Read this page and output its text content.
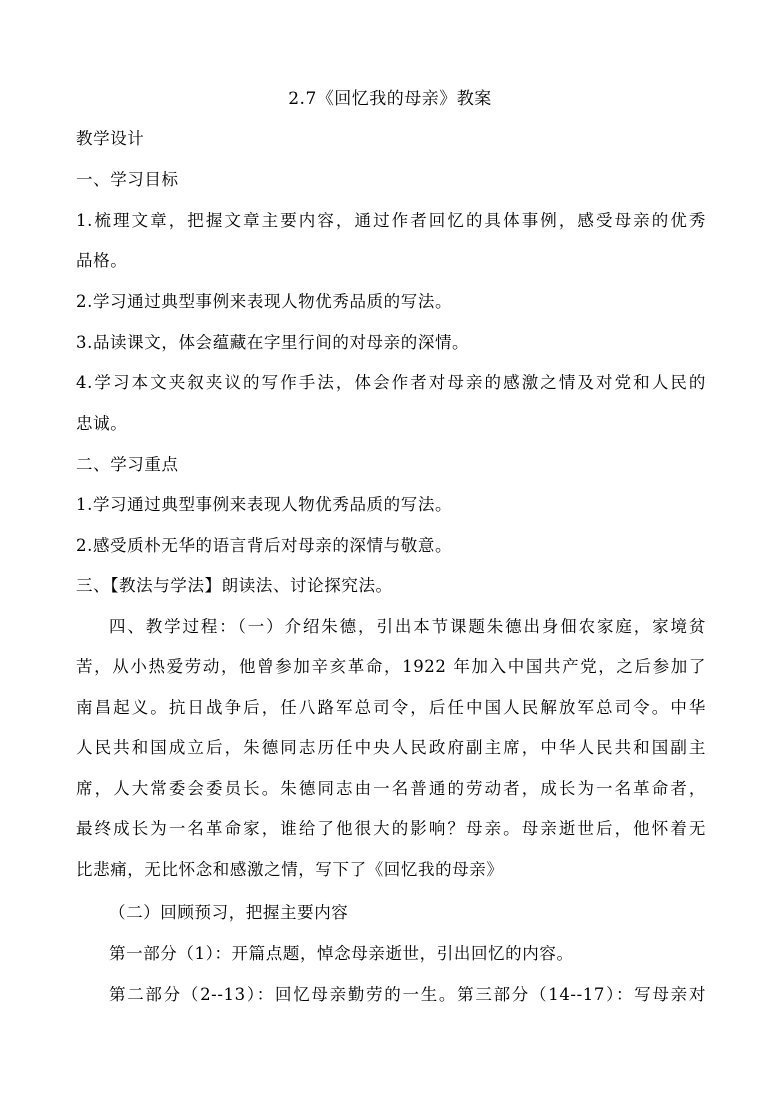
2.7《回忆我的母亲》教案
教学设计
一、学习目标
1.梳理文章，把握文章主要内容，通过作者回忆的具体事例，感受母亲的优秀
品格。
2.学习通过典型事例来表现人物优秀品质的写法。
3.品读课文，体会蕴藏在字里行间的对母亲的深情。
4.学习本文夹叙夹议的写作手法，体会作者对母亲的感激之情及对党和人民的
忠诚。
二、学习重点
1.学习通过典型事例来表现人物优秀品质的写法。
2.感受质朴无华的语言背后对母亲的深情与敬意。
三、【教法与学法】朗读法、讨论探究法。
四、教学过程：（一）介绍朱德，引出本节课题朱德出身佃农家庭，家境贫
苦，从小热爱劳动，他曾参加辛亥革命，1922 年加入中国共产党，之后参加了
南昌起义。抗日战争后，任八路军总司令，后任中国人民解放军总司令。中华
人民共和国成立后，朱德同志历任中央人民政府副主席，中华人民共和国副主
席，人大常委会委员长。朱德同志由一名普通的劳动者，成长为一名革命者，
最终成长为一名革命家，谁给了他很大的影响？母亲。母亲逝世后，他怀着无
比悲痛，无比怀念和感激之情，写下了《回忆我的母亲》
（二）回顾预习，把握主要内容
第一部分（1）：开篇点题，悼念母亲逝世，引出回忆的内容。
第二部分（2--13）：回忆母亲勤劳的一生。第三部分（14--17）：写母亲对
